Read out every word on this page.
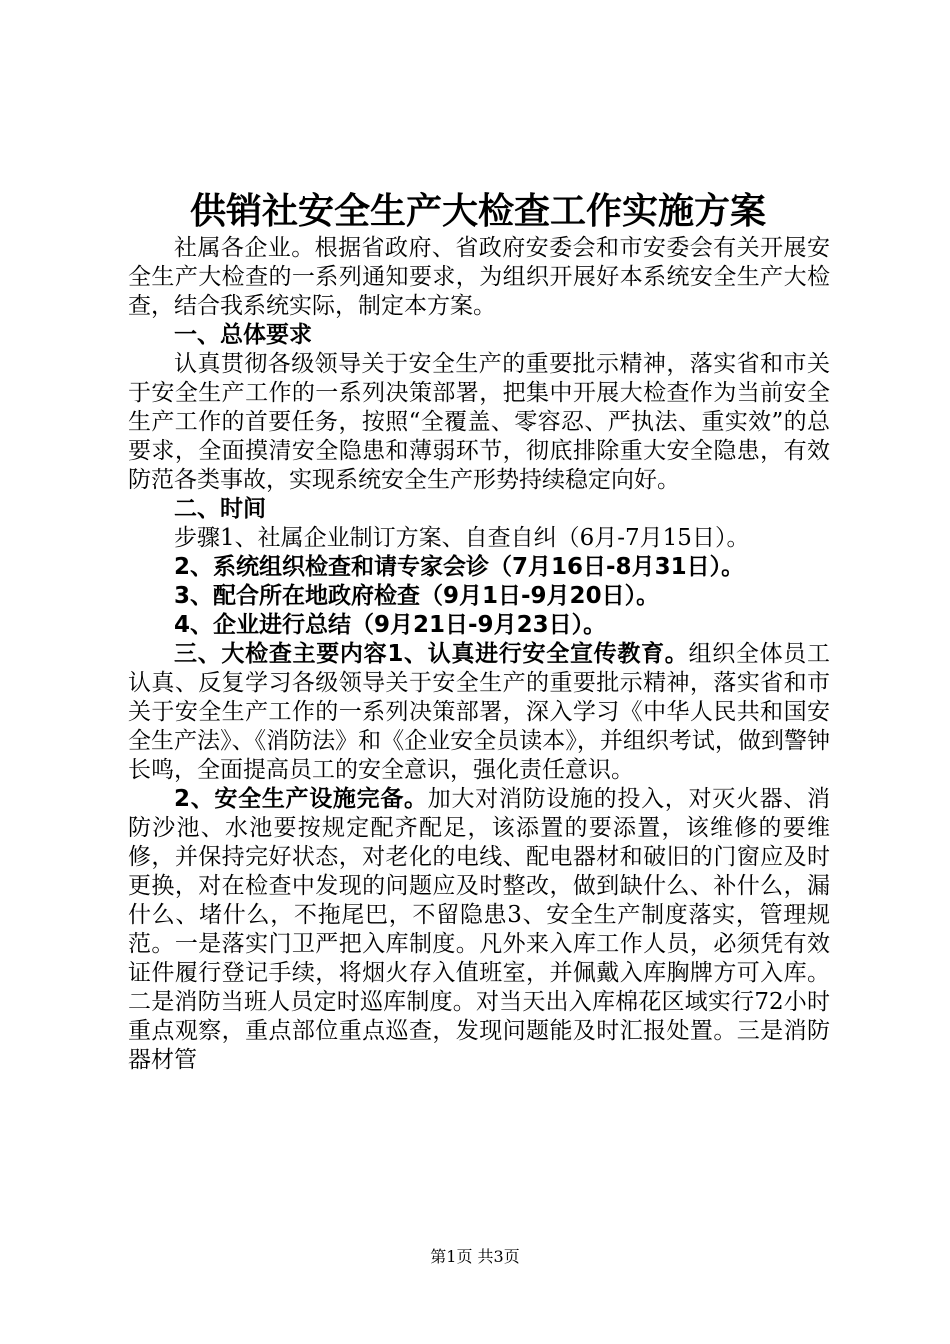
供销社安全生产大检查工作实施方案

社属各企业。根据省政府、省政府安委会和市安委会有关开展安全生产大检查的一系列通知要求，为组织开展好本系统安全生产大检查，结合我系统实际，制定本方案。

一、总体要求

认真贯彻各级领导关于安全生产的重要批示精神，落实省和市关于安全生产工作的一系列决策部署，把集中开展大检查作为当前安全生产工作的首要任务，按照“全覆盖、零容忍、严执法、重实效”的总要求，全面摸清安全隐患和薄弱环节，彻底排除重大安全隐患，有效防范各类事故，实现系统安全生产形势持续稳定向好。

二、时间

步骤1、社属企业制订方案、自查自纠（6月-7月15日）。

2、系统组织检查和请专家会诊（7月16日-8月31日）。

3、配合所在地政府检查（9月1日-9月20日）。

4、企业进行总结（9月21日-9月23日）。

三、大检查主要内容1、认真进行安全宣传教育。组织全体员工认真、反复学习各级领导关于安全生产的重要批示精神，落实省和市关于安全生产工作的一系列决策部署，深入学习《中华人民共和国安全生产法》、《消防法》和《企业安全员读本》，并组织考试，做到警钟长鸣，全面提高员工的安全意识，强化责任意识。

2、安全生产设施完备。加大对消防设施的投入，对灭火器、消防沙池、水池要按规定配齐配足，该添置的要添置，该维修的要维修，并保持完好状态，对老化的电线、配电器材和破旧的门窗应及时更换，对在检查中发现的问题应及时整改，做到缺什么、补什么，漏什么、堵什么，不拖尾巴，不留隐患3、安全生产制度落实，管理规范。一是落实门卫严把入库制度。凡外来入库工作人员，必须凭有效证件履行登记手续，将烟火存入值班室，并佩戴入库胸牌方可入库。二是消防当班人员定时巡库制度。对当天出入库棉花区域实行72小时重点观察，重点部位重点巡查，发现问题能及时汇报处置。三是消防器材管

第1页 共3页
